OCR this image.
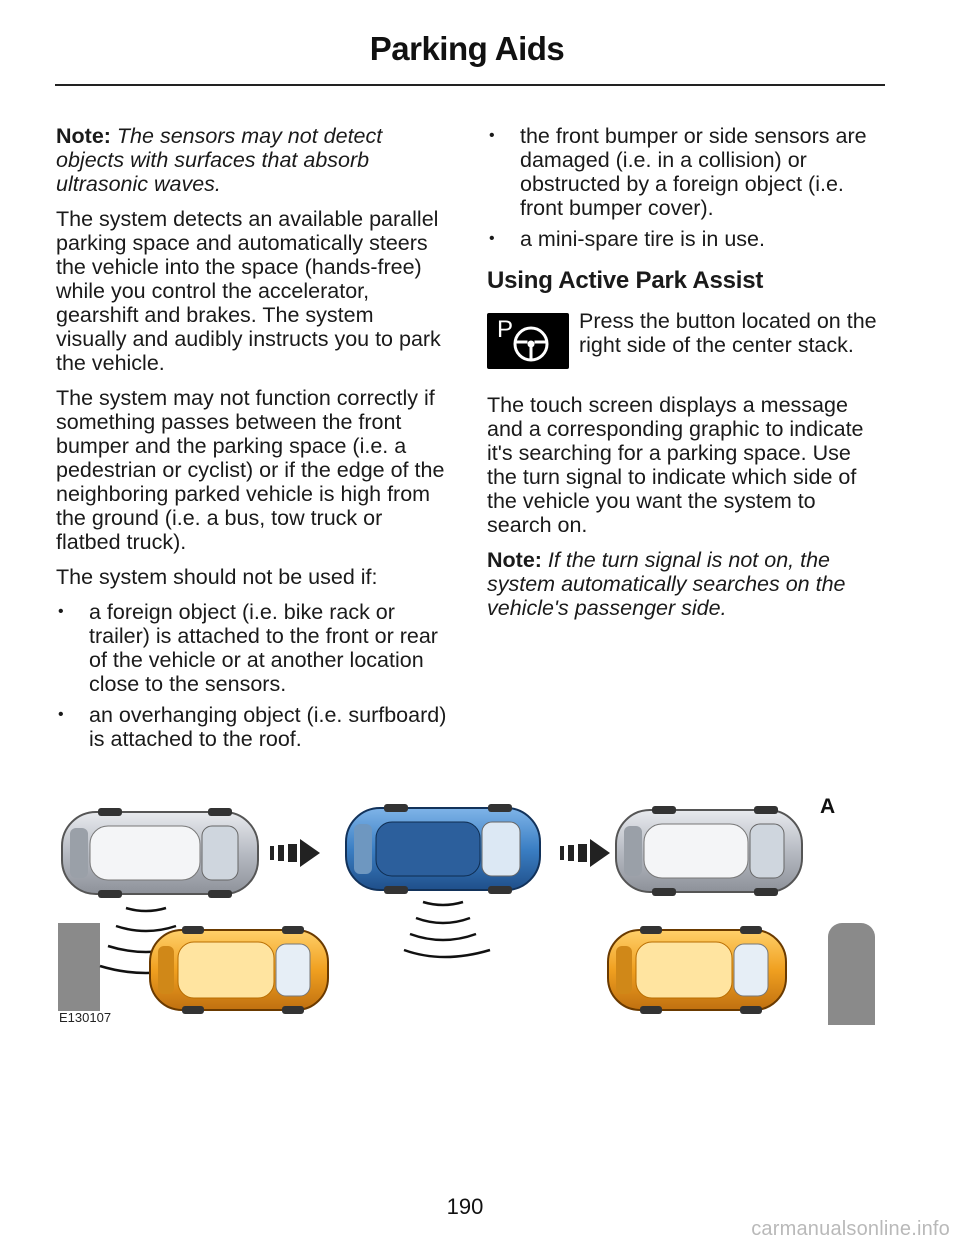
Parking Aids

Note: The sensors may not detect objects with surfaces that absorb ultrasonic waves.

The system detects an available parallel parking space and automatically steers the vehicle into the space (hands-free) while you control the accelerator, gearshift and brakes. The system visually and audibly instructs you to park the vehicle.

The system may not function correctly if something passes between the front bumper and the parking space (i.e. a pedestrian or cyclist) or if the edge of the neighboring parked vehicle is high from the ground (i.e. a bus, tow truck or flatbed truck).

The system should not be used if:

• a foreign object (i.e. bike rack or trailer) is attached to the front or rear of the vehicle or at another location close to the sensors.
• an overhanging object (i.e. surfboard) is attached to the roof.
• the front bumper or side sensors are damaged (i.e. in a collision) or obstructed by a foreign object (i.e. front bumper cover).
• a mini-spare tire is in use.
Using Active Park Assist
P	Press the button located on the right side of the center stack.

The touch screen displays a message and a corresponding graphic to indicate it's searching for a parking space. Use the turn signal to indicate which side of the vehicle you want the system to search on.

Note: If the turn signal is not on, the system automatically searches on the vehicle's passenger side.

A
E130107
190
carmanualsonline.info
